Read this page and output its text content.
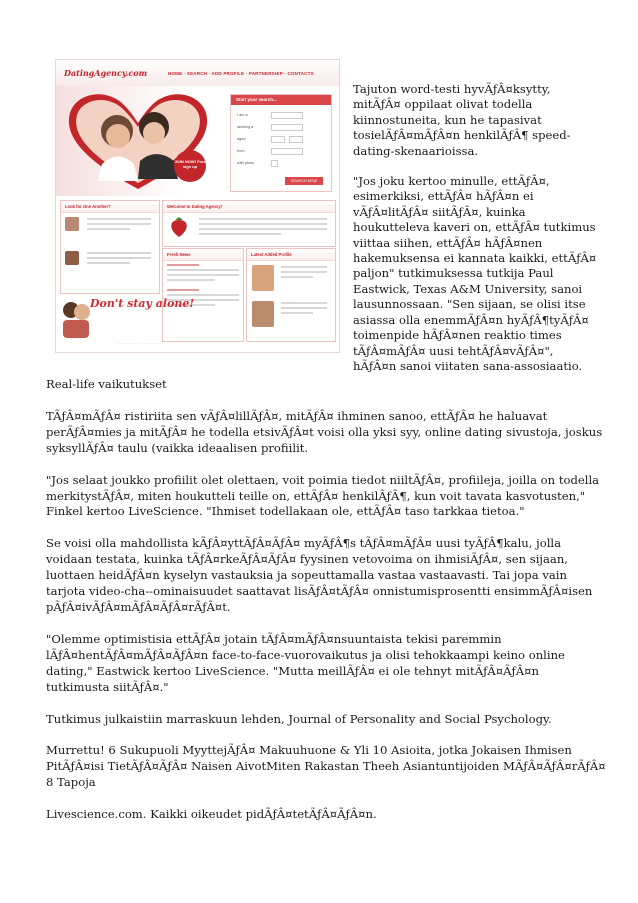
DatingAgency.com	HOME · SEARCH · ADD PROFILE · PARTNERSHIP · CONTACTS
JOIN NOW! Free sign up
Start your search...
I am a
seeking a
aged
from
with photo
SEARCH NOW
Look for One Another?	Welcome to Dating Agency!
Fresh News	Latest Added Profile
Don't stay alone!
· · · · · · · · · · · · · · · · · · · · ·

Tajuton word-testi hyvÃƒÂ¤ksytty, mitÃƒÂ¤ oppilaat olivat todella kiinnostuneita, kun he tapasivat tosielÃƒÂ¤mÃƒÂ¤n henkilÃƒÂ¶ speed-dating-skenaarioissa.

"Jos joku kertoo minulle, ettÃƒÂ¤, esimerkiksi, ettÃƒÂ¤ hÃƒÂ¤n ei vÃƒÂ¤litÃƒÂ¤ siitÃƒÂ¤, kuinka houkutteleva kaveri on, ettÃƒÂ¤ tutkimus viittaa siihen, ettÃƒÂ¤ hÃƒÂ¤nen hakemuksensa ei kannata kaikki, ettÃƒÂ¤ paljon" tutkimuksessa tutkija Paul Eastwick, Texas A&M University, sanoi lausunnossaan. "Sen sijaan, se olisi itse asiassa olla enemmÃƒÂ¤n hyÃƒÂ¶tyÃƒÂ¤ toimenpide hÃƒÂ¤nen reaktio times tÃƒÂ¤mÃƒÂ¤ uusi tehtÃƒÂ¤vÃƒÂ¤", hÃƒÂ¤n sanoi viitaten sana-assosiaatio.

Real-life vaikutukset

TÃƒÂ¤mÃƒÂ¤ ristiriita sen vÃƒÂ¤lillÃƒÂ¤, mitÃƒÂ¤ ihminen sanoo, ettÃƒÂ¤ he haluavat perÃƒÂ¤mies ja mitÃƒÂ¤ he todella etsivÃƒÂ¤t voisi olla yksi syy, online dating sivustoja, joskus syksyllÃƒÂ¤ taulu (vaikka ideaalisen profiilit.

"Jos selaat joukko profiilit olet olettaen, voit poimia tiedot niiltÃƒÂ¤, profiileja, joilla on todella merkitystÃƒÂ¤, miten houkutteli teille on, ettÃƒÂ¤ henkilÃƒÂ¶, kun voit tavata kasvotusten," Finkel kertoo LiveScience. "Ihmiset todellakaan ole, ettÃƒÂ¤ taso tarkkaa tietoa."

Se voisi olla mahdollista kÃƒÂ¤yttÃƒÂ¤ÃƒÂ¤ myÃƒÂ¶s tÃƒÂ¤mÃƒÂ¤ uusi tyÃƒÂ¶kalu, jolla voidaan testata, kuinka tÃƒÂ¤rkeÃƒÂ¤ÃƒÂ¤ fyysinen vetovoima on ihmisiÃƒÂ¤, sen sijaan, luottaen heidÃƒÂ¤n kyselyn vastauksia ja sopeuttamalla vastaa vastaavasti. Tai jopa vain tarjota video-cha--ominaisuudet saattavat lisÃƒÂ¤tÃƒÂ¤ onnistumisprosentti ensimmÃƒÂ¤isen pÃƒÂ¤ivÃƒÂ¤mÃƒÂ¤ÃƒÂ¤rÃƒÂ¤t.

"Olemme optimistisia ettÃƒÂ¤ jotain tÃƒÂ¤mÃƒÂ¤nsuuntaista tekisi paremmin lÃƒÂ¤hentÃƒÂ¤mÃƒÂ¤ÃƒÂ¤n face-to-face-vuorovaikutus ja olisi tehokkaampi keino online dating," Eastwick kertoo LiveScience. "Mutta meillÃƒÂ¤ ei ole tehnyt mitÃƒÂ¤ÃƒÂ¤n tutkimusta siitÃƒÂ¤."

Tutkimus julkaistiin marraskuun lehden, Journal of Personality and Social Psychology.

Murrettu! 6 Sukupuoli MyyttejÃƒÂ¤ Makuuhuone & Yli 10 Asioita, jotka Jokaisen Ihmisen PitÃƒÂ¤isi TietÃƒÂ¤ÃƒÂ¤ Naisen AivotMiten Rakastan Theeh Asiantuntijoiden MÃƒÂ¤ÃƒÂ¤rÃƒÂ¤ 8 Tapoja

Livescience.com. Kaikki oikeudet pidÃƒÂ¤tetÃƒÂ¤ÃƒÂ¤n.
